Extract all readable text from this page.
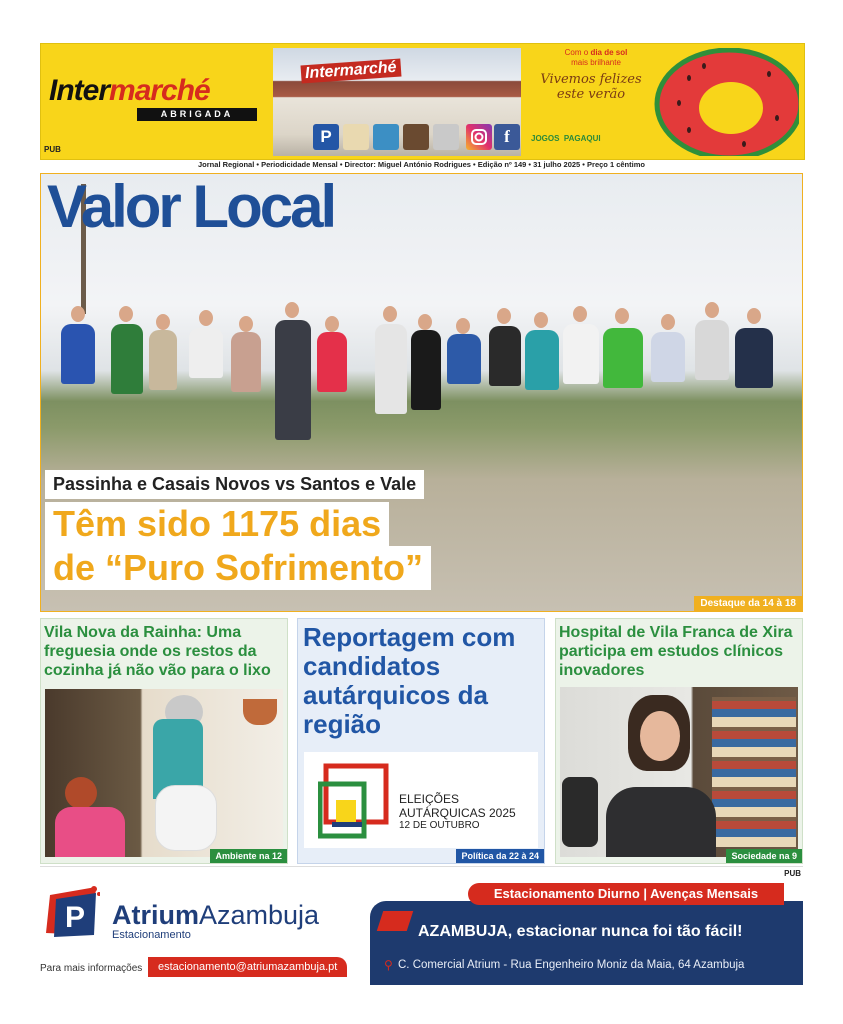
Intermarché
ABRIGADA
PUB
Intermarché
P	f
Com o dia de sol
mais brilhante
Vivemos felizes este verão
JOGOS PAGAQUI
Jornal Regional • Periodicidade Mensal • Director: Miguel António Rodrigues • Edição nº 149 • 31 julho 2025 • Preço 1 cêntimo
Valor Local
Passinha e Casais Novos vs Santos e Vale
Têm sido 1175 dias
de “Puro Sofrimento”
Destaque da 14 à 18
Vila Nova da Rainha: Uma freguesia onde os restos da cozinha já não vão para o lixo
Ambiente na 12
Reportagem com candidatos autárquicos da região
ELEIÇÕES
AUTÁRQUICAS 2025
12 DE OUTUBRO
Política da 22 à 24
Hospital de Vila Franca de Xira participa em estudos clínicos inovadores
Sociedade na 9
PUB
P AtriumAzambuja
Estacionamento
Para mais informações	estacionamento@atriumazambuja.pt
AZAMBUJA, estacionar nunca foi tão fácil!
⚲ C. Comercial Atrium - Rua Engenheiro Moniz da Maia, 64 Azambuja
Estacionamento Diurno | Avenças Mensais
